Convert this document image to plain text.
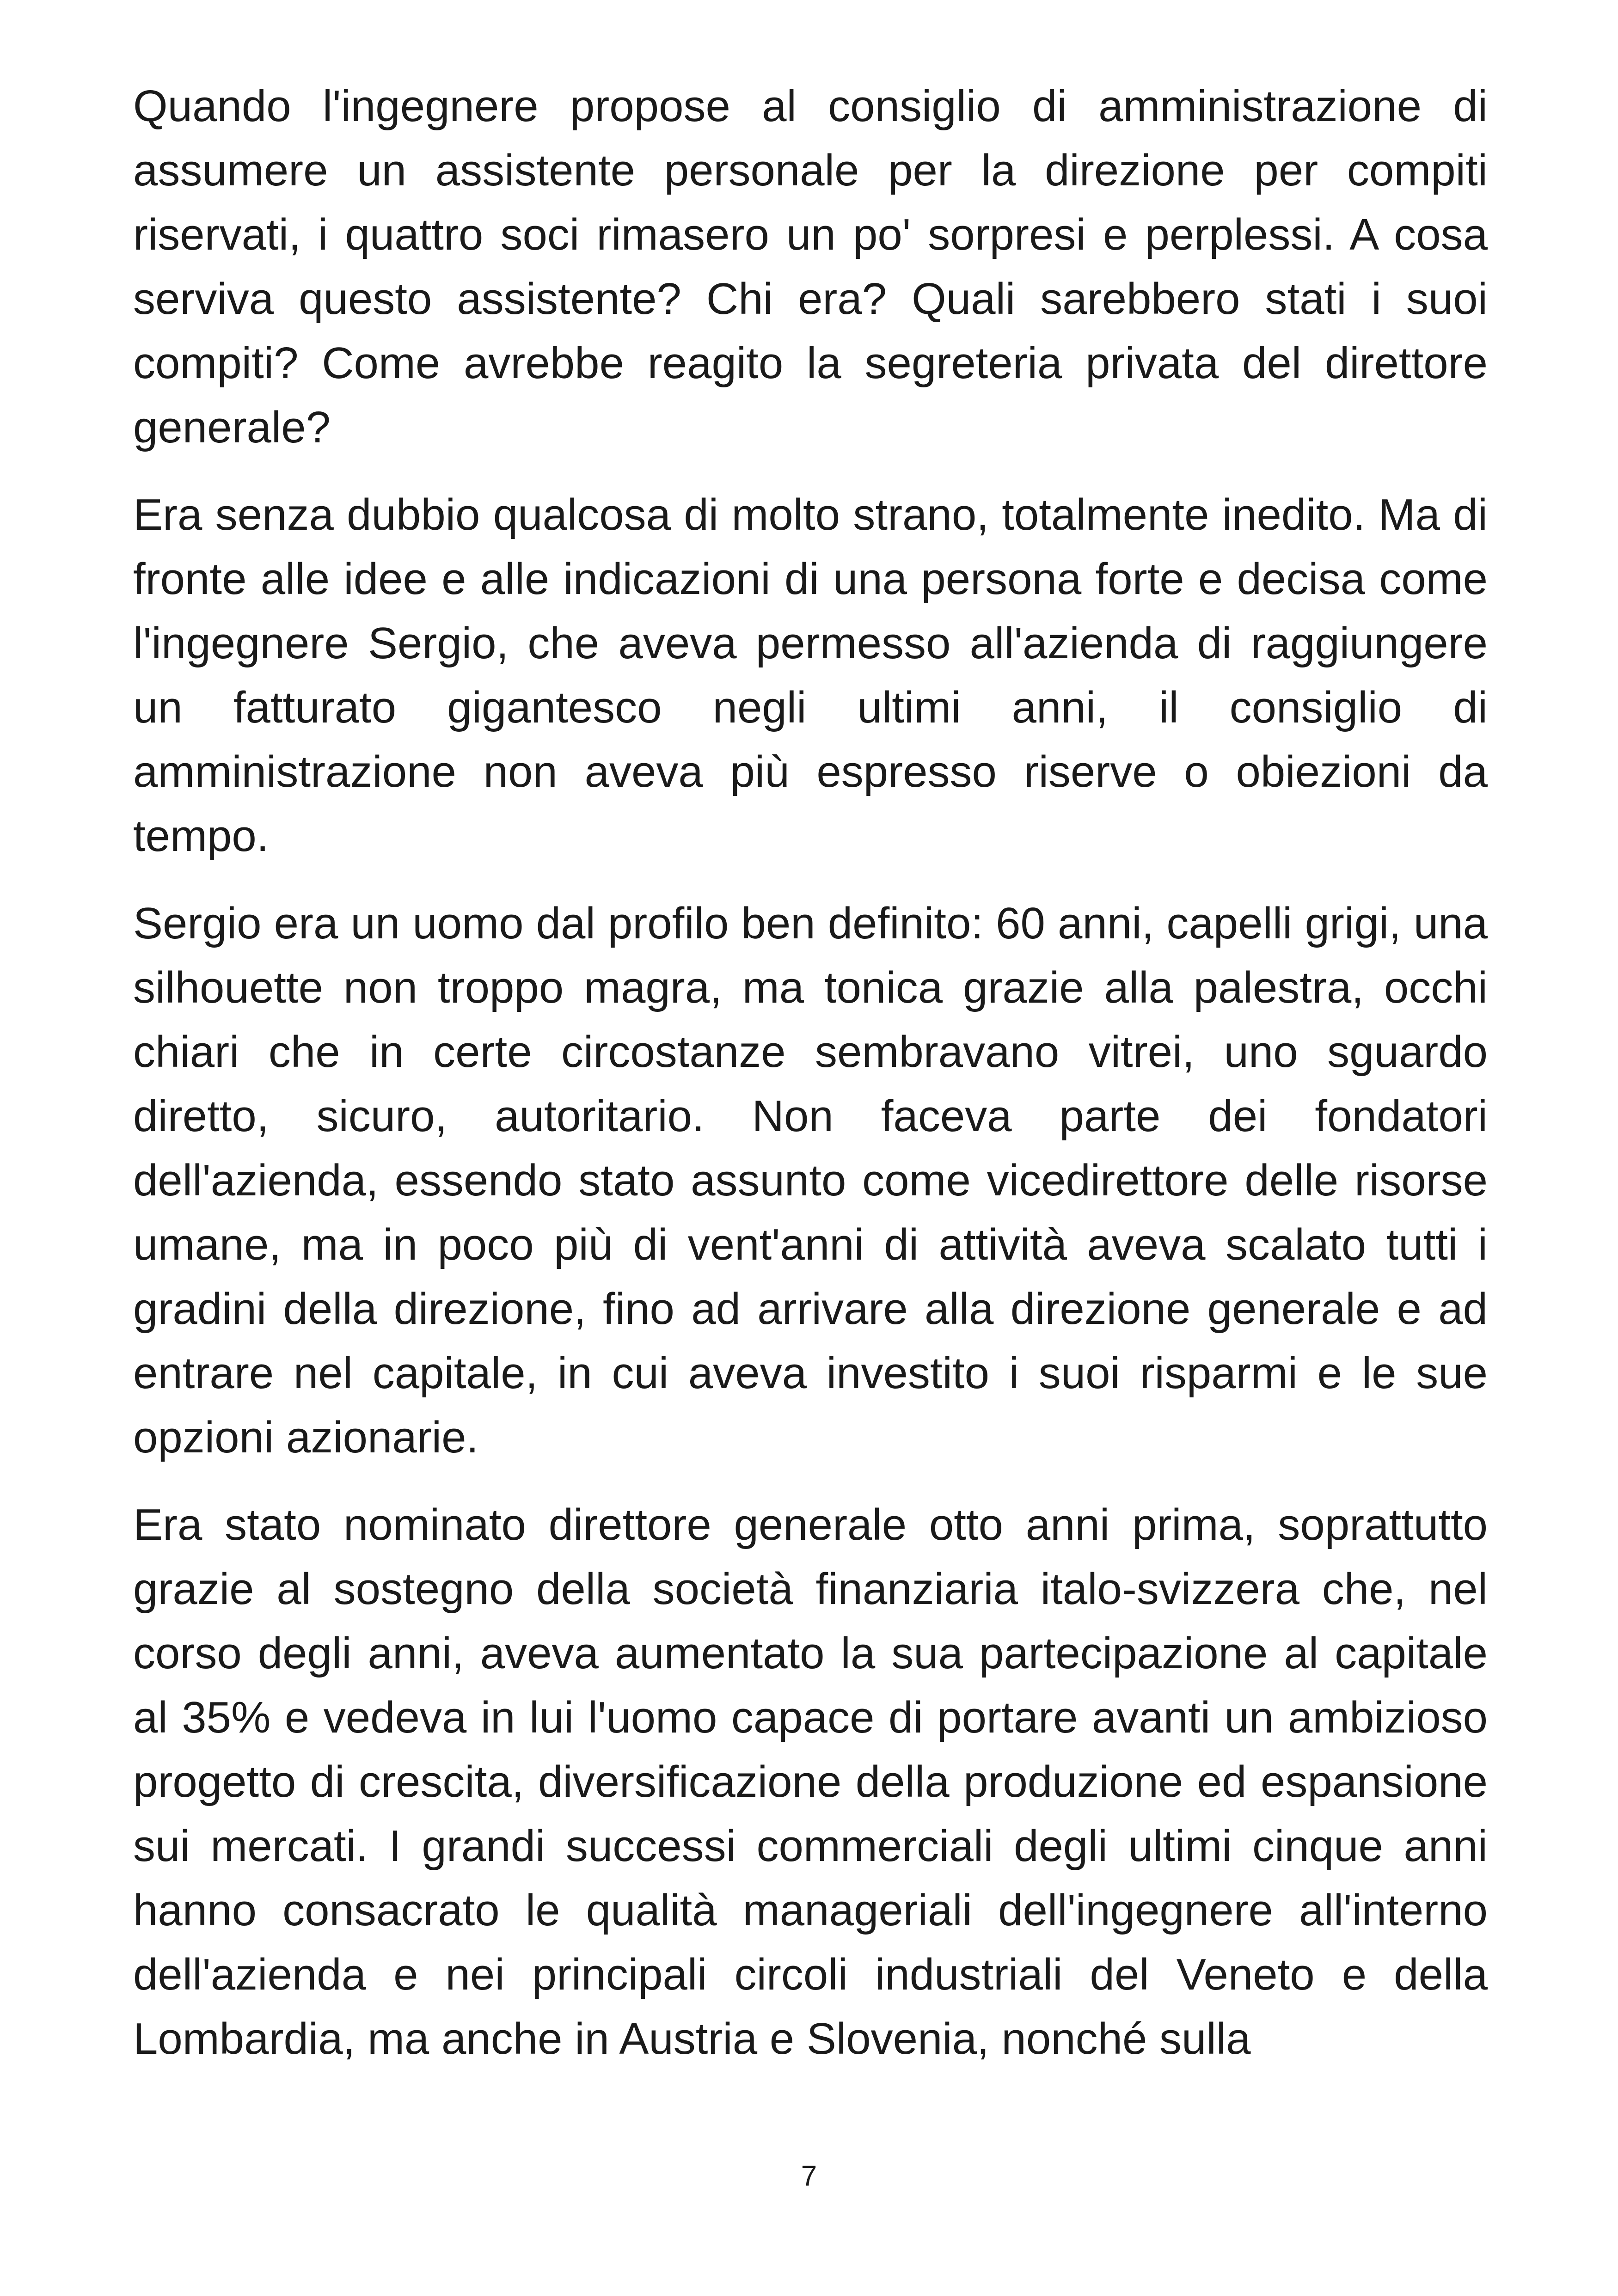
Quando l'ingegnere propose al consiglio di amministrazione di assumere un assistente personale per la direzione per compiti riservati, i quattro soci rimasero un po' sorpresi e perplessi. A cosa serviva questo assistente? Chi era? Quali sarebbero stati i suoi compiti? Come avrebbe reagito la segreteria privata del direttore generale?

Era senza dubbio qualcosa di molto strano, totalmente inedito. Ma di fronte alle idee e alle indicazioni di una persona forte e decisa come l'ingegnere Sergio, che aveva permesso all'azienda di raggiungere un fatturato gigantesco negli ultimi anni, il consiglio di amministrazione non aveva più espresso riserve o obiezioni da tempo.

Sergio era un uomo dal profilo ben definito: 60 anni, capelli grigi, una silhouette non troppo magra, ma tonica grazie alla palestra, occhi chiari che in certe circostanze sembravano vitrei, uno sguardo diretto, sicuro, autoritario. Non faceva parte dei fondatori dell'azienda, essendo stato assunto come vicedirettore delle risorse umane, ma in poco più di vent'anni di attività aveva scalato tutti i gradini della direzione, fino ad arrivare alla direzione generale e ad entrare nel capitale, in cui aveva investito i suoi risparmi e le sue opzioni azionarie.

Era stato nominato direttore generale otto anni prima, soprattutto grazie al sostegno della società finanziaria italo-svizzera che, nel corso degli anni, aveva aumentato la sua partecipazione al capitale al 35% e vedeva in lui l'uomo capace di portare avanti un ambizioso progetto di crescita, diversificazione della produzione ed espansione sui mercati. I grandi successi commerciali degli ultimi cinque anni hanno consacrato le qualità manageriali dell'ingegnere all'interno dell'azienda e nei principali circoli industriali del Veneto e della Lombardia, ma anche in Austria e Slovenia, nonché sulla

7
